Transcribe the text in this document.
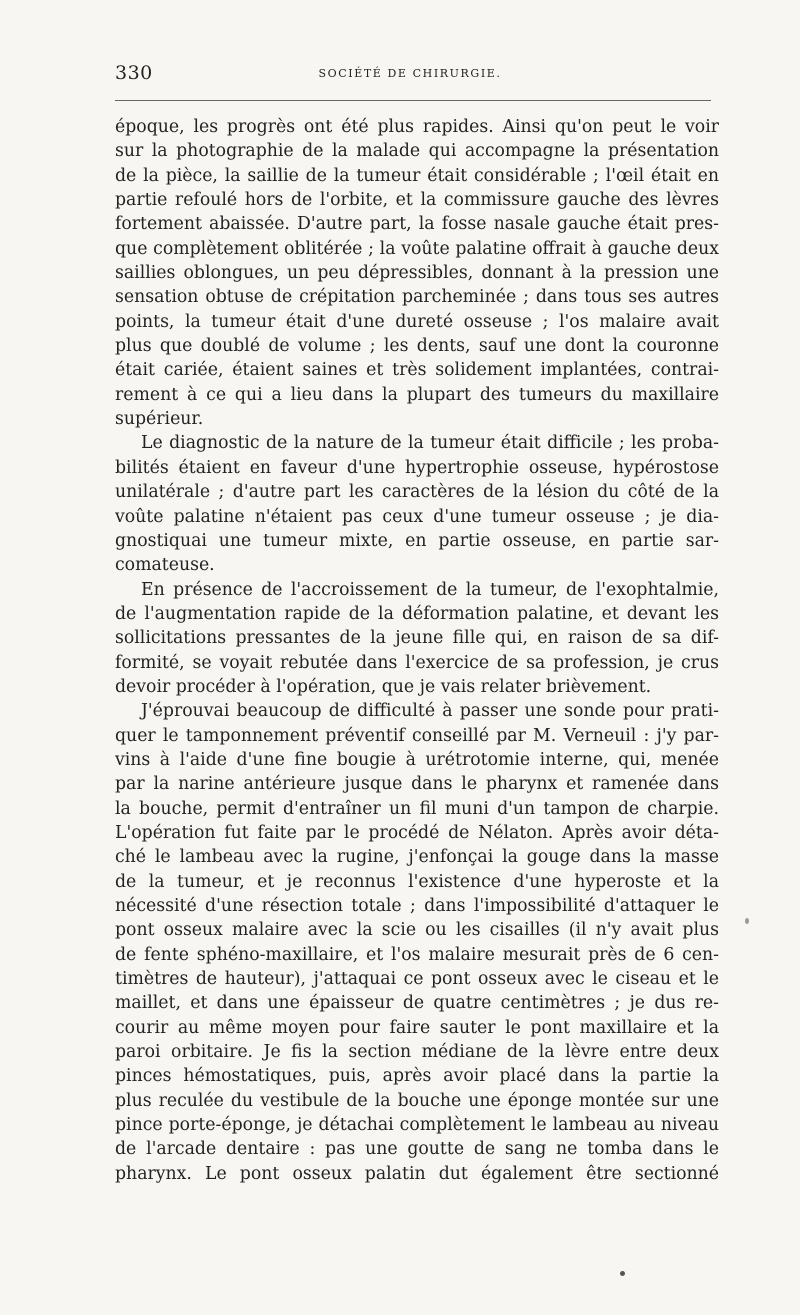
330	SOCIÉTÉ DE CHIRURGIE.
époque, les progrès ont été plus rapides. Ainsi qu'on peut le voir
sur la photographie de la malade qui accompagne la présentation
de la pièce, la saillie de la tumeur était considérable ; l'œil était en
partie refoulé hors de l'orbite, et la commissure gauche des lèvres
fortement abaissée. D'autre part, la fosse nasale gauche était pres-
que complètement oblitérée ; la voûte palatine offrait à gauche deux
saillies oblongues, un peu dépressibles, donnant à la pression une
sensation obtuse de crépitation parcheminée ; dans tous ses autres
points, la tumeur était d'une dureté osseuse ; l'os malaire avait
plus que doublé de volume ; les dents, sauf une dont la couronne
était cariée, étaient saines et très solidement implantées, contrai-
rement à ce qui a lieu dans la plupart des tumeurs du maxillaire
supérieur.
Le diagnostic de la nature de la tumeur était difficile ; les proba-
bilités étaient en faveur d'une hypertrophie osseuse, hypérostose
unilatérale ; d'autre part les caractères de la lésion du côté de la
voûte palatine n'étaient pas ceux d'une tumeur osseuse ; je dia-
gnostiquai une tumeur mixte, en partie osseuse, en partie sar-
comateuse.
En présence de l'accroissement de la tumeur, de l'exophtalmie,
de l'augmentation rapide de la déformation palatine, et devant les
sollicitations pressantes de la jeune fille qui, en raison de sa dif-
formité, se voyait rebutée dans l'exercice de sa profession, je crus
devoir procéder à l'opération, que je vais relater brièvement.
J'éprouvai beaucoup de difficulté à passer une sonde pour prati-
quer le tamponnement préventif conseillé par M. Verneuil : j'y par-
vins à l'aide d'une fine bougie à urétrotomie interne, qui, menée
par la narine antérieure jusque dans le pharynx et ramenée dans
la bouche, permit d'entraîner un fil muni d'un tampon de charpie.
L'opération fut faite par le procédé de Nélaton. Après avoir déta-
ché le lambeau avec la rugine, j'enfonçai la gouge dans la masse
de la tumeur, et je reconnus l'existence d'une hyperoste et la
nécessité d'une résection totale ; dans l'impossibilité d'attaquer le
pont osseux malaire avec la scie ou les cisailles (il n'y avait plus
de fente sphéno-maxillaire, et l'os malaire mesurait près de 6 cen-
timètres de hauteur), j'attaquai ce pont osseux avec le ciseau et le
maillet, et dans une épaisseur de quatre centimètres ; je dus re-
courir au même moyen pour faire sauter le pont maxillaire et la
paroi orbitaire. Je fis la section médiane de la lèvre entre deux
pinces hémostatiques, puis, après avoir placé dans la partie la
plus reculée du vestibule de la bouche une éponge montée sur une
pince porte-éponge, je détachai complètement le lambeau au niveau
de l'arcade dentaire : pas une goutte de sang ne tomba dans le
pharynx. Le pont osseux palatin dut également être sectionné
